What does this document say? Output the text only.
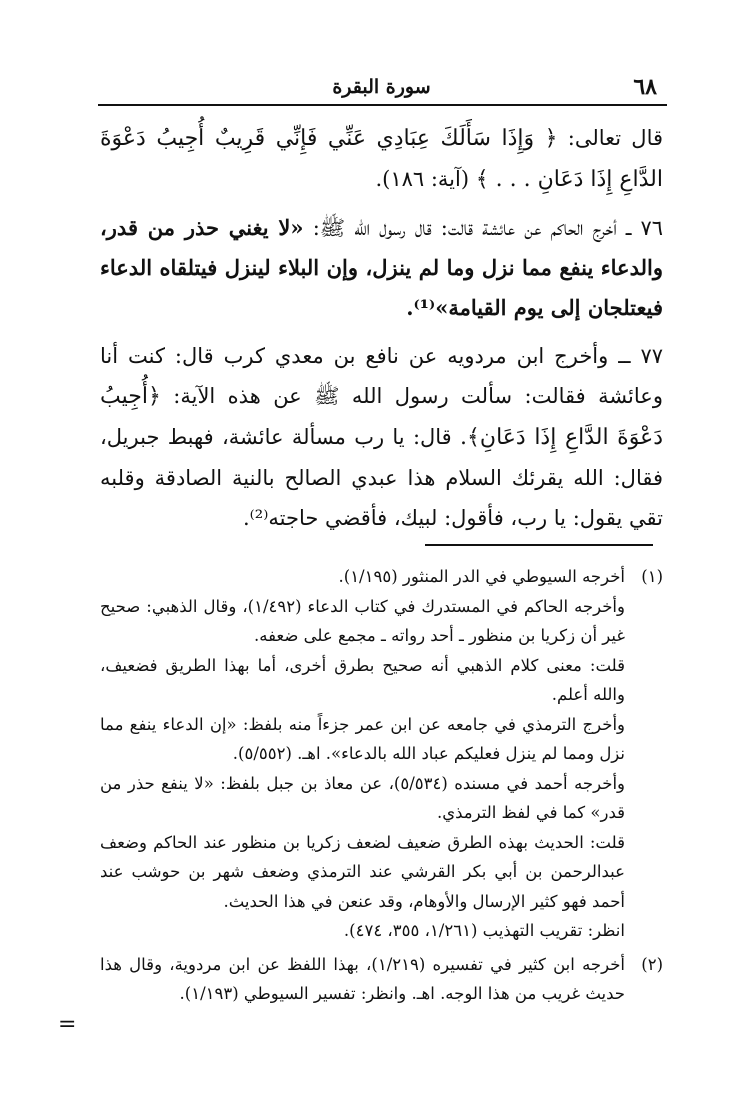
٦٨
سورة البقرة

قال تعالى: ﴿ وَإِذَا سَأَلَكَ عِبَادِي عَنِّي فَإِنِّي قَرِيبٌ أُجِيبُ دَعْوَةَ الدَّاعِ إِذَا دَعَانِ . . . ﴾ (آية: ١٨٦).

٧٦ ــ أخرج الحاكم عن عائشة قالت: قال رسول الله ﷺ: «لا يغني حذر من قدر، والدعاء ينفع مما نزل وما لم ينزل، وإن البلاء لينزل فيتلقاه الدعاء فيعتلجان إلى يوم القيامة»⁽¹⁾.

٧٧ ــ وأخرج ابن مردويه عن نافع بن معدي كرب قال: كنت أنا وعائشة فقالت: سألت رسول الله ﷺ عن هذه الآية: ﴿أُجِيبُ دَعْوَةَ الدَّاعِ إِذَا دَعَانِ﴾. قال: يا رب مسألة عائشة، فهبط جبريل، فقال: الله يقرئك السلام هذا عبدي الصالح بالنية الصادقة وقلبه تقي يقول: يا رب، فأقول: لبيك، فأقضي حاجته⁽²⁾.

(١)

أخرجه السيوطي في الدر المنثور (١/١٩٥).

وأخرجه الحاكم في المستدرك في كتاب الدعاء (١/٤٩٢)، وقال الذهبي: صحيح غير أن زكريا بن منظور ـ أحد رواته ـ مجمع على ضعفه.

قلت: معنى كلام الذهبي أنه صحيح بطرق أخرى، أما بهذا الطريق فضعيف، والله أعلم.

وأخرج الترمذي في جامعه عن ابن عمر جزءاً منه بلفظ: «إن الدعاء ينفع مما نزل ومما لم ينزل فعليكم عباد الله بالدعاء». اهـ. (٥/٥٥٢).

وأخرجه أحمد في مسنده (٥/٥٣٤)، عن معاذ بن جبل بلفظ: «لا ينفع حذر من قدر» كما في لفظ الترمذي.

قلت: الحديث بهذه الطرق ضعيف لضعف زكريا بن منظور عند الحاكم وضعف عبدالرحمن بن أبي بكر القرشي عند الترمذي وضعف شهر بن حوشب عند أحمد فهو كثير الإرسال والأوهام، وقد عنعن في هذا الحديث.

انظر: تقريب التهذيب (١/٢٦١، ٣٥٥، ٤٧٤).

(٢)

أخرجه ابن كثير في تفسيره (١/٢١٩)، بهذا اللفظ عن ابن مردوية، وقال هذا حديث غريب من هذا الوجه. اهـ. وانظر: تفسير السيوطي (١/١٩٣).

=
